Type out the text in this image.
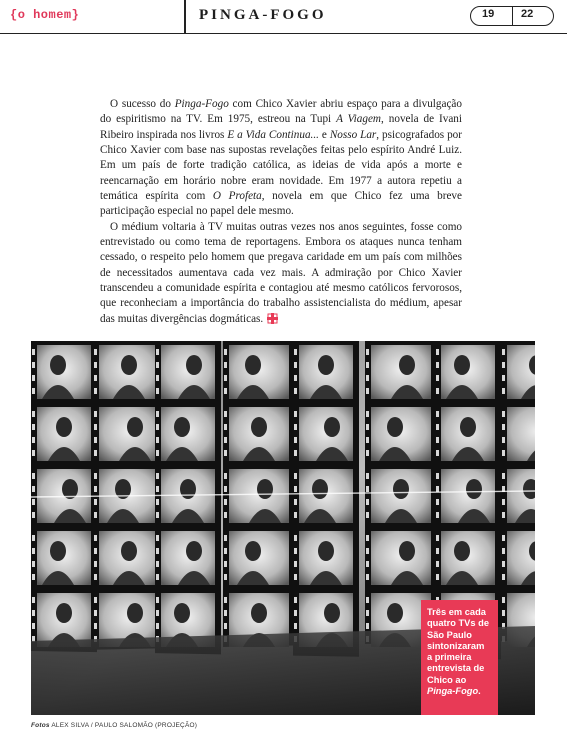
{o homem}	PINGA-FOGO	19 22

O sucesso do Pinga-Fogo com Chico Xavier abriu espaço para a divulgação do espiritismo na TV. Em 1975, estreou na Tupi A Viagem, novela de Ivani Ribeiro inspirada nos livros E a Vida Continua... e Nosso Lar, psicografados por Chico Xavier com base nas supostas revelações feitas pelo espírito André Luiz. Em um país de forte tradição católica, as ideias de vida após a morte e reencarnação em horário nobre eram novidade. Em 1977 a autora repetiu a temática espírita com O Profeta, novela em que Chico fez uma breve participação especial no papel dele mesmo.

O médium voltaria à TV muitas outras vezes nos anos seguintes, fosse como entrevistado ou como tema de reportagens. Embora os ataques nunca tenham cessado, o respeito pelo homem que pregava caridade em um país com milhões de necessitados aumentava cada vez mais. A admiração por Chico Xavier transcendeu a comunidade espírita e contagiou até mesmo católicos fervorosos, que reconheciam a importância do trabalho assistencialista do médium, apesar das muitas divergências dogmáticas.

Três em cada quatro TVs de São Paulo sintonizaram a primeira entrevista de Chico ao Pinga-Fogo.
Fotos ALEX SILVA / PAULO SALOMÃO (PROJEÇÃO)
